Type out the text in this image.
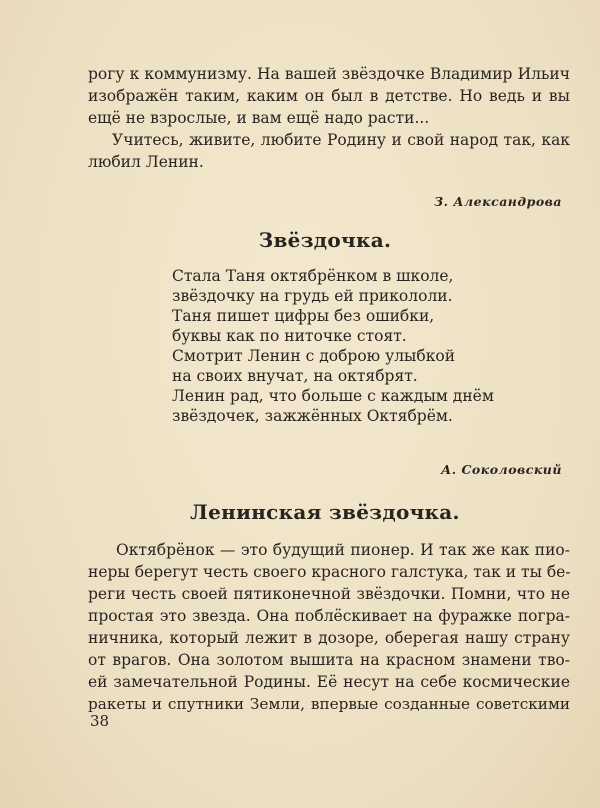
рогу к коммунизму. На вашей звёздочке Владимир Ильич
изображён таким, каким он был в детстве. Но ведь и вы
ещё не взрослые, и вам ещё надо расти...
Учитесь, живите, любите Родину и свой народ так, как
любил Ленин.
З. Александрова
Звёздочка.
Стала Таня октябрёнком в школе,
звёздочку на грудь ей прикололи.
Таня пишет цифры без ошибки,
буквы как по ниточке стоят.
Смотрит Ленин с доброю улыбкой
на своих внучат, на октябрят.
Ленин рад, что больше с каждым днём
звёздочек, зажжённых Октябрём.
А. Соколовский
Ленинская звёздочка.
Октябрёнок — это будущий пионер. И так же как пио-
неры берегут честь своего красного галстука, так и ты бе-
реги честь своей пятиконечной звёздочки. Помни, что не
простая это звезда. Она поблёскивает на фуражке погра-
ничника, который лежит в дозоре, оберегая нашу страну
от врагов. Она золотом вышита на красном знамени тво-
ей замечательной Родины. Её несут на себе космические
ракеты и спутники Земли, впервые созданные советскими
38
